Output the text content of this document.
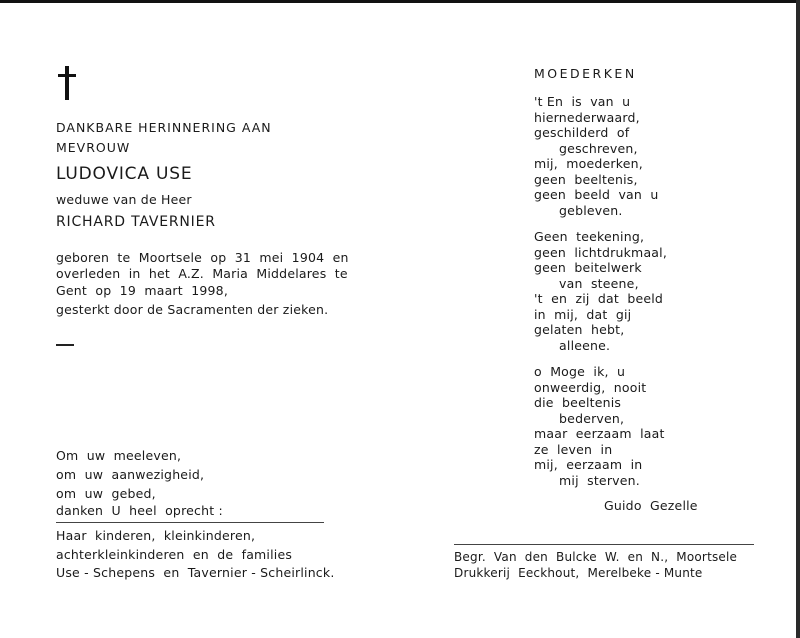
DANKBARE HERINNERING AAN
MEVROUW
LUDOVICA USE
weduwe van de Heer
RICHARD TAVERNIER
geboren  te  Moortsele  op  31  mei  1904  en
overleden  in  het  A.Z.  Maria  Middelares  te
Gent  op  19  maart  1998,
gesterkt door de Sacramenten der zieken.
Om  uw  meeleven,
om  uw  aanwezigheid,
om  uw  gebed,
danken  U  heel  oprecht :
Haar  kinderen,  kleinkinderen,
achterkleinkinderen  en  de  families
Use - Schepens  en  Tavernier - Scheirlinck.
MOEDERKEN
't En  is  van  u
hiernederwaard,
geschilderd  of
geschreven,
mij,  moederken,
geen  beeltenis,
geen  beeld  van  u
gebleven.
Geen  teekening,
geen  lichtdrukmaal,
geen  beitelwerk
van  steene,
't  en  zij  dat  beeld
in  mij,  dat  gij
gelaten  hebt,
alleene.
o  Moge  ik,  u
onweerdig,  nooit
die  beeltenis
bederven,
maar  eerzaam  laat
ze  leven  in
mij,  eerzaam  in
mij  sterven.
Guido  Gezelle
Begr.  Van  den  Bulcke  W.  en  N.,  Moortsele
Drukkerij  Eeckhout,  Merelbeke - Munte
